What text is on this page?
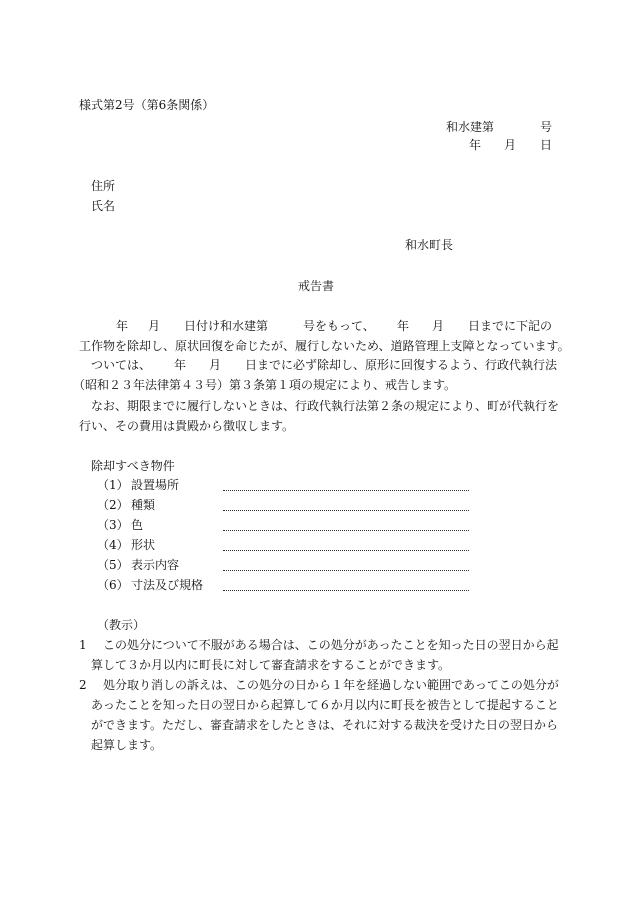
様式第2号（第6条関係）
和水建第	号
年 月 日
住所
氏名
和水町長
戒告書
年 月 日付け和水建第	号をもって、 年 月 日までに下記の
工作物を除却し、原状回復を命じたが、履行しないため、道路管理上支障となっています。
ついては、 年 月 日までに必ず除却し、原形に回復するよう、行政代執行法
（昭和２３年法律第４３号）第３条第１項の規定により、戒告します。
なお、期限までに履行しないときは、行政代執行法第２条の規定により、町が代執行を
行い、その費用は貴殿から徴収します。
除却すべき物件
（1） 設置場所
（2） 種類
（3） 色
（4） 形状
（5） 表示内容
（6） 寸法及び規格
（教示）
1 この処分について不服がある場合は、この処分があったことを知った日の翌日から起
算して３か月以内に町長に対して審査請求をすることができます。
2 処分取り消しの訴えは、この処分の日から１年を経過しない範囲であってこの処分が
あったことを知った日の翌日から起算して６か月以内に町長を被告として提起すること
ができます。ただし、審査請求をしたときは、それに対する裁決を受けた日の翌日から
起算します。
